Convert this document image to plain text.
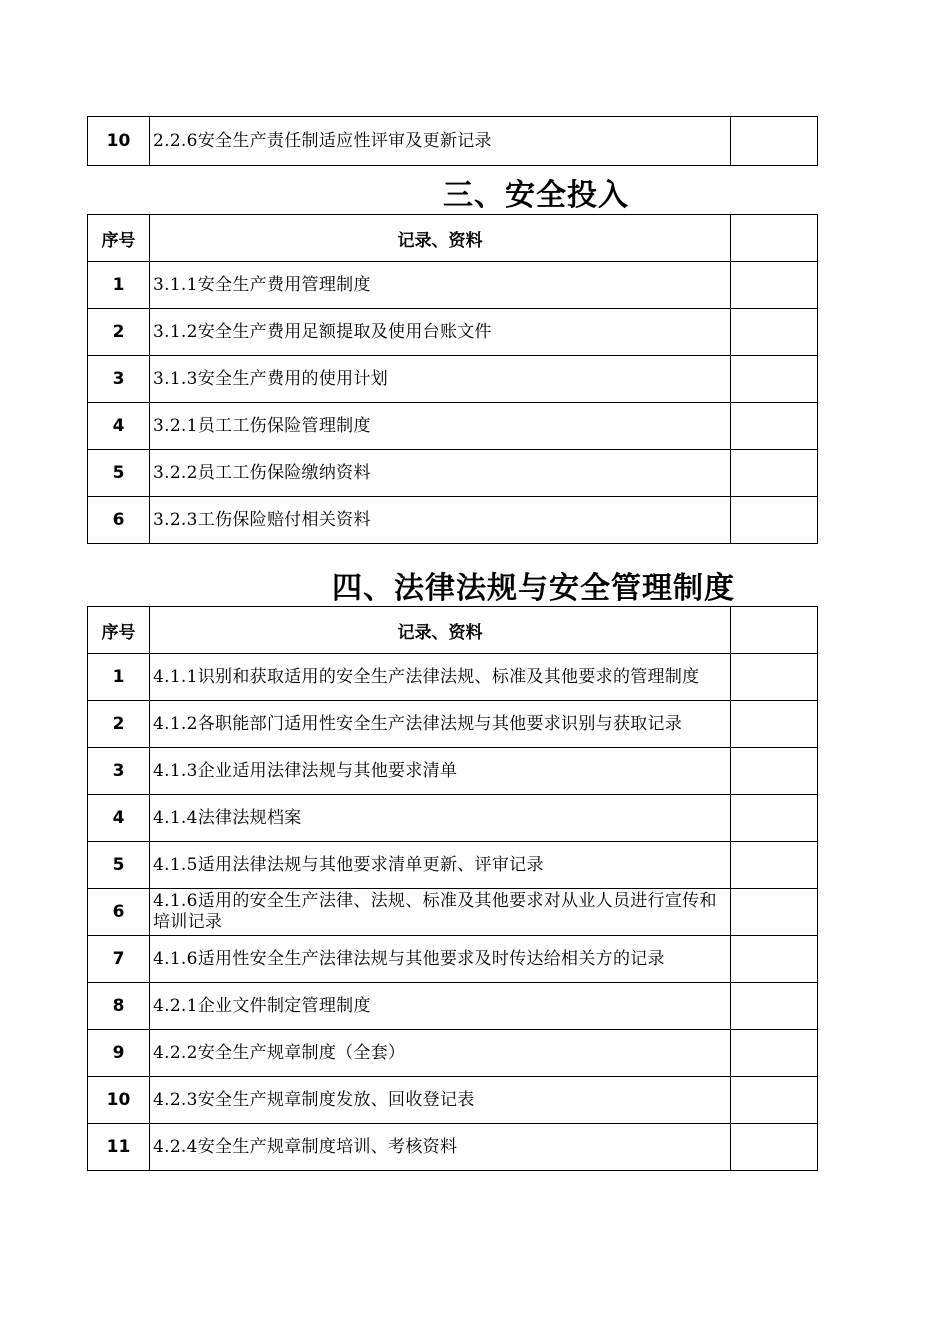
10	2.2.6安全生产责任制适应性评审及更新记录	
三、安全投入
序号	记录、资料	
1	3.1.1安全生产费用管理制度	
2	3.1.2安全生产费用足额提取及使用台账文件	
3	3.1.3安全生产费用的使用计划	
4	3.2.1员工工伤保险管理制度	
5	3.2.2员工工伤保险缴纳资料	
6	3.2.3工伤保险赔付相关资料	
四、法律法规与安全管理制度
序号	记录、资料	
1	4.1.1识别和获取适用的安全生产法律法规、标准及其他要求的管理制度	
2	4.1.2各职能部门适用性安全生产法律法规与其他要求识别与获取记录	
3	4.1.3企业适用法律法规与其他要求清单	
4	4.1.4法律法规档案	
5	4.1.5适用法律法规与其他要求清单更新、评审记录	
6	4.1.6适用的安全生产法律、法规、标准及其他要求对从业人员进行宣传和培训记录	
7	4.1.6适用性安全生产法律法规与其他要求及时传达给相关方的记录	
8	4.2.1企业文件制定管理制度	
9	4.2.2安全生产规章制度（全套）	
10	4.2.3安全生产规章制度发放、回收登记表	
11	4.2.4安全生产规章制度培训、考核资料	
